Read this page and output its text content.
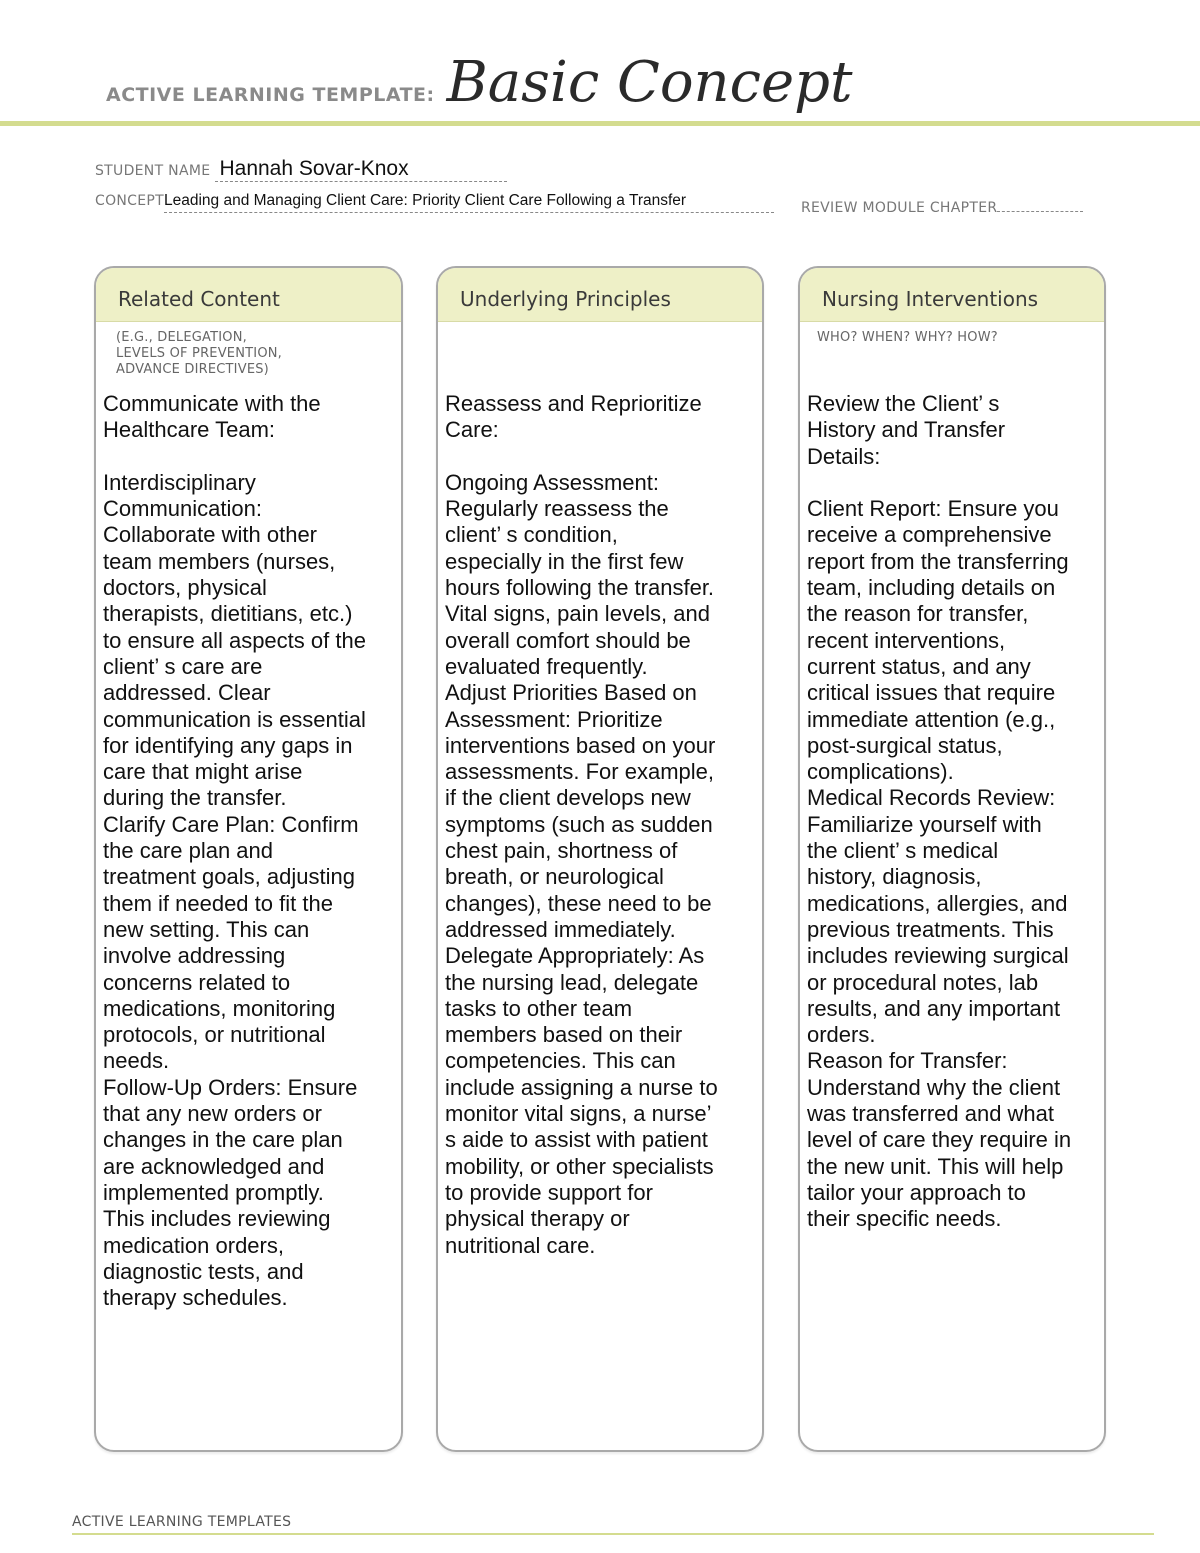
ACTIVE LEARNING TEMPLATE: Basic Concept
STUDENT NAME Hannah Sovar-Knox
CONCEPTLeading and Managing Client Care: Priority Client Care Following a Transfer	REVIEW MODULE CHAPTER
Related Content
(E.G., DELEGATION,
LEVELS OF PREVENTION,
ADVANCE DIRECTIVES)
Communicate with the
Healthcare Team:

Interdisciplinary
Communication:
Collaborate with other
team members (nurses,
doctors, physical
therapists, dietitians, etc.)
to ensure all aspects of the
client’ s care are
addressed. Clear
communication is essential
for identifying any gaps in
care that might arise
during the transfer.
Clarify Care Plan: Confirm
the care plan and
treatment goals, adjusting
them if needed to fit the
new setting. This can
involve addressing
concerns related to
medications, monitoring
protocols, or nutritional
needs.
Follow-Up Orders: Ensure
that any new orders or
changes in the care plan
are acknowledged and
implemented promptly.
This includes reviewing
medication orders,
diagnostic tests, and
therapy schedules.
Underlying Principles
Reassess and Reprioritize
Care:

Ongoing Assessment:
Regularly reassess the
client’ s condition,
especially in the first few
hours following the transfer.
Vital signs, pain levels, and
overall comfort should be
evaluated frequently.
Adjust Priorities Based on
Assessment: Prioritize
interventions based on your
assessments. For example,
if the client develops new
symptoms (such as sudden
chest pain, shortness of
breath, or neurological
changes), these need to be
addressed immediately.
Delegate Appropriately: As
the nursing lead, delegate
tasks to other team
members based on their
competencies. This can
include assigning a nurse to
monitor vital signs, a nurse’
s aide to assist with patient
mobility, or other specialists
to provide support for
physical therapy or
nutritional care.
Nursing Interventions
WHO? WHEN? WHY? HOW?
Review the Client’ s
History and Transfer
Details:

Client Report: Ensure you
receive a comprehensive
report from the transferring
team, including details on
the reason for transfer,
recent interventions,
current status, and any
critical issues that require
immediate attention (e.g.,
post-surgical status,
complications).
Medical Records Review:
Familiarize yourself with
the client’ s medical
history, diagnosis,
medications, allergies, and
previous treatments. This
includes reviewing surgical
or procedural notes, lab
results, and any important
orders.
Reason for Transfer:
Understand why the client
was transferred and what
level of care they require in
the new unit. This will help
tailor your approach to
their specific needs.
ACTIVE LEARNING TEMPLATES
